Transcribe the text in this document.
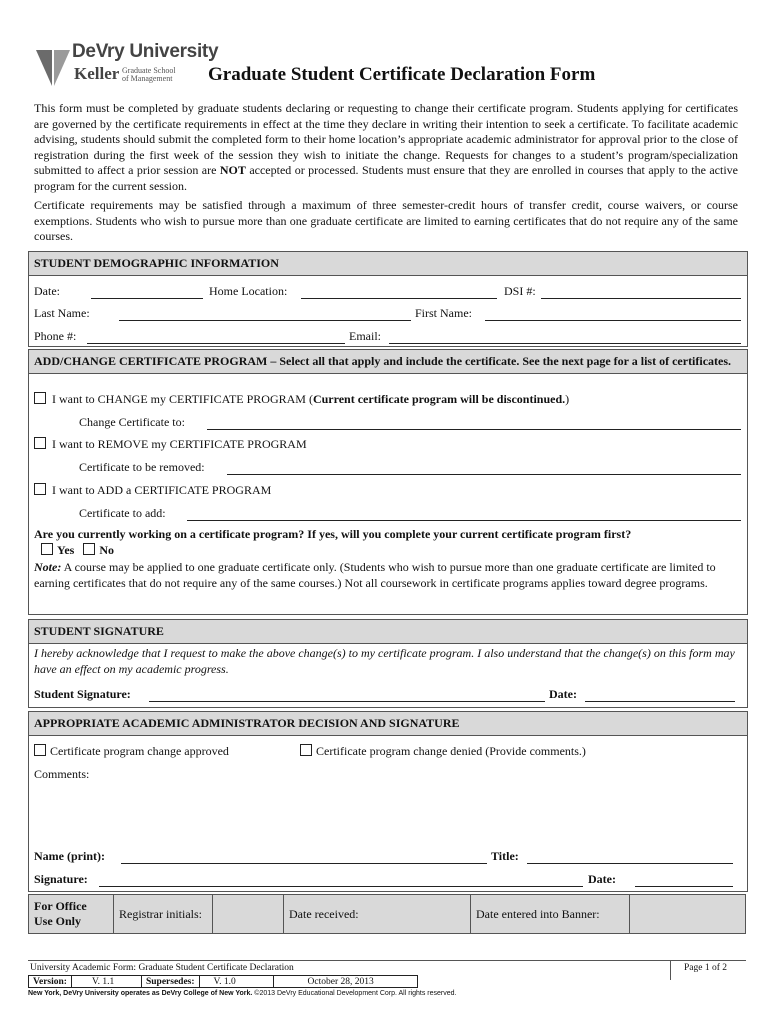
DeVry University
Keller Graduate School
of Management Graduate Student Certificate Declaration Form
This form must be completed by graduate students declaring or requesting to change their certificate program. Students applying for certificates are governed by the certificate requirements in effect at the time they declare in writing their intention to seek a certificate. To facilitate academic advising, students should submit the completed form to their home location’s appropriate academic administrator for approval prior to the close of registration during the first week of the session they wish to initiate the change. Requests for changes to a student’s program/specialization submitted to affect a prior session are NOT accepted or processed. Students must ensure that they are enrolled in courses that apply to the active program for the current session.
Certificate requirements may be satisfied through a maximum of three semester-credit hours of transfer credit, course waivers, or course exemptions. Students who wish to pursue more than one graduate certificate are limited to earning certificates that do not require any of the same courses.
STUDENT DEMOGRAPHIC INFORMATION
Date:	Home Location:	DSI #:
Last Name:	First Name:
Phone #:	Email:
ADD/CHANGE CERTIFICATE PROGRAM – Select all that apply and include the certificate. See the next page for a list of certificates.
I want to CHANGE my CERTIFICATE PROGRAM (Current certificate program will be discontinued.)
Change Certificate to:
I want to REMOVE my CERTIFICATE PROGRAM
Certificate to be removed:
I want to ADD a CERTIFICATE PROGRAM
Certificate to add:
Are you currently working on a certificate program? If yes, will you complete your current certificate program first?
Yes No
Note: A course may be applied to one graduate certificate only. (Students who wish to pursue more than one graduate certificate are limited to earning certificates that do not require any of the same courses.) Not all coursework in certificate programs applies toward degree programs.
STUDENT SIGNATURE
I hereby acknowledge that I request to make the above change(s) to my certificate program. I also understand that the change(s) on this form may have an effect on my academic progress.
Student Signature:	Date:
APPROPRIATE ACADEMIC ADMINISTRATOR DECISION AND SIGNATURE
Certificate program change approved	Certificate program change denied (Provide comments.)
Comments:
Name (print):	Title:
Signature:	Date:
For Office Use Only	Registrar initials:		Date received:	Date entered into Banner:	
University Academic Form: Graduate Student Certificate Declaration	Page 1 of 2
Version:	V. 1.1	Supersedes:	V. 1.0	October 28, 2013
New York, DeVry University operates as DeVry College of New York. ©2013 DeVry Educational Development Corp. All rights reserved.
